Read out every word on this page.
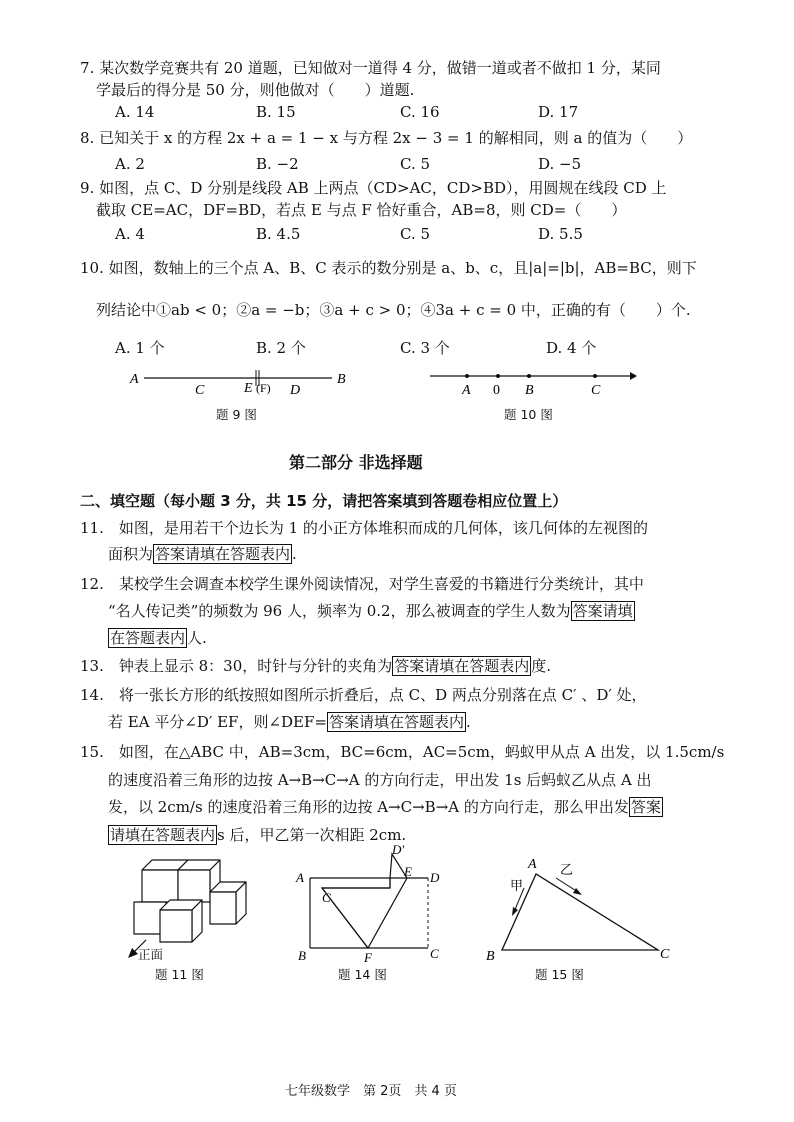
7. 某次数学竞赛共有 20 道题，已知做对一道得 4 分，做错一道或者不做扣 1 分，某同
学最后的得分是 50 分，则他做对（　　）道题.
A. 14	B. 15	C. 16	D. 17
8. 已知关于 x 的方程 2x + a = 1 − x 与方程 2x − 3 = 1 的解相同，则 a 的值为（　　）
A. 2	B. −2	C. 5	D. −5
9. 如图，点 C、D 分别是线段 AB 上两点（CD>AC，CD>BD），用圆规在线段 CD 上
截取 CE=AC，DF=BD，若点 E 与点 F 恰好重合，AB=8，则 CD=（　　）
A. 4	B. 4.5	C. 5	D. 5.5
10. 如图，数轴上的三个点 A、B、C 表示的数分别是 a、b、c，且|a|=|b|，AB=BC，则下
列结论中①ab < 0；②a = −b；③a + c > 0；④3a + c = 0 中，正确的有（　　）个.
A. 1 个	B. 2 个	C. 3 个	D. 4 个
A
C	E (F) D
B
题 9 图
A 0 B	C
题 10 图
第二部分 非选择题
二、填空题（每小题 3 分，共 15 分，请把答案填到答题卷相应位置上）
11.　如图，是用若干个边长为 1 的小正方体堆积而成的几何体，该几何体的左视图的
面积为 答案请填在答题表内 .
12.　某校学生会调查本校学生课外阅读情况，对学生喜爱的书籍进行分类统计，其中
“名人传记类”的频数为 96 人，频率为 0.2，那么被调查的学生人数为 答案请填
在答题表内 人.
13.　钟表上显示 8：30，时针与分针的夹角为 答案请填在答题表内 度.
14.　将一张长方形的纸按照如图所示折叠后，点 C、D 两点分别落在点 C′ 、D′ 处，
若 EA 平分∠D′ EF，则∠DEF= 答案请填在答题表内 .
15.　如图，在△ABC 中，AB=3cm，BC=6cm，AC=5cm，蚂蚁甲从点 A 出发，以 1.5cm/s
的速度沿着三角形的边按 A→B→C→A 的方向行走，甲出发 1s 后蚂蚁乙从点 A 出
发，以 2cm/s 的速度沿着三角形的边按 A→C→B→A 的方向行走，那么甲出发 答案
请填在答题表内 s 后，甲乙第一次相距 2cm.
正面
题 11 图
D′
A	E D
C
B	F	C
题 14 图
A
甲
乙
B	C
题 15 图
七年级数学　第 2页　共 4 页
